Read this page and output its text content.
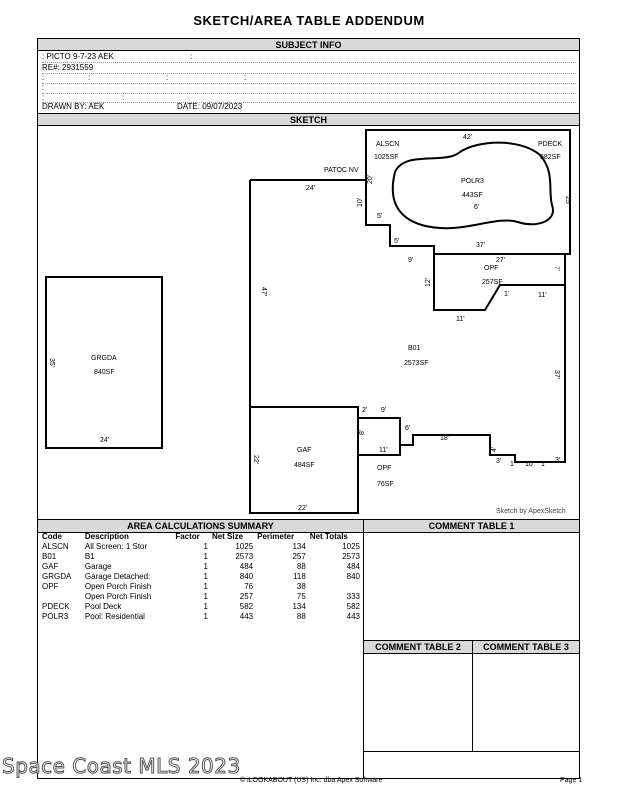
SKETCH/AREA TABLE ADDENDUM
SUBJECT INFO
: PICTO 9-7-23 AEK	:
RE#: 2931559
:	:	:	:
:
:	:
DRAWN BY: AEK	DATE: 09/07/2023
SKETCH
PATOC NV
ALSCN
1025SF
PDECK
582SF
POLR3
443SF
OPF
257SF
B01
2573SF
GRGDA
840SF
GAF
484SF	OPF
76SF
42'
20'
25'
6'
5'
5'
37'
24'
10'
9'	27'
12'
7'
1'	11'
11'
47'
37'
35'
24'
2' 9'
8'
6'
11'
18'
4'
3' 1' 10' 1'
3'
22'
22'	Sketch by ApexSketch
AREA CALCULATIONS SUMMARY	COMMENT TABLE 1
Code	Description	Factor	Net Size	Perimeter	Net Totals
ALSCN	All Screen: 1 Stor	1	1025	134	1025
B01	B1	1	2573	257	2573
GAF	Garage	1	484	88	484
GRGDA	Garage Detached:	1	840	118	840
OPF	Open Porch Finish	1	76	38	
	Open Porch Finish	1	257	75	333
PDECK	Pool Deck	1	582	134	582
POLR3	Pool: Residential	1	443	88	443
COMMENT TABLE 2	COMMENT TABLE 3
Space Coast MLS 2023
© iLOOKABOUT (US) Inc. dba Apex Software	Page 1
